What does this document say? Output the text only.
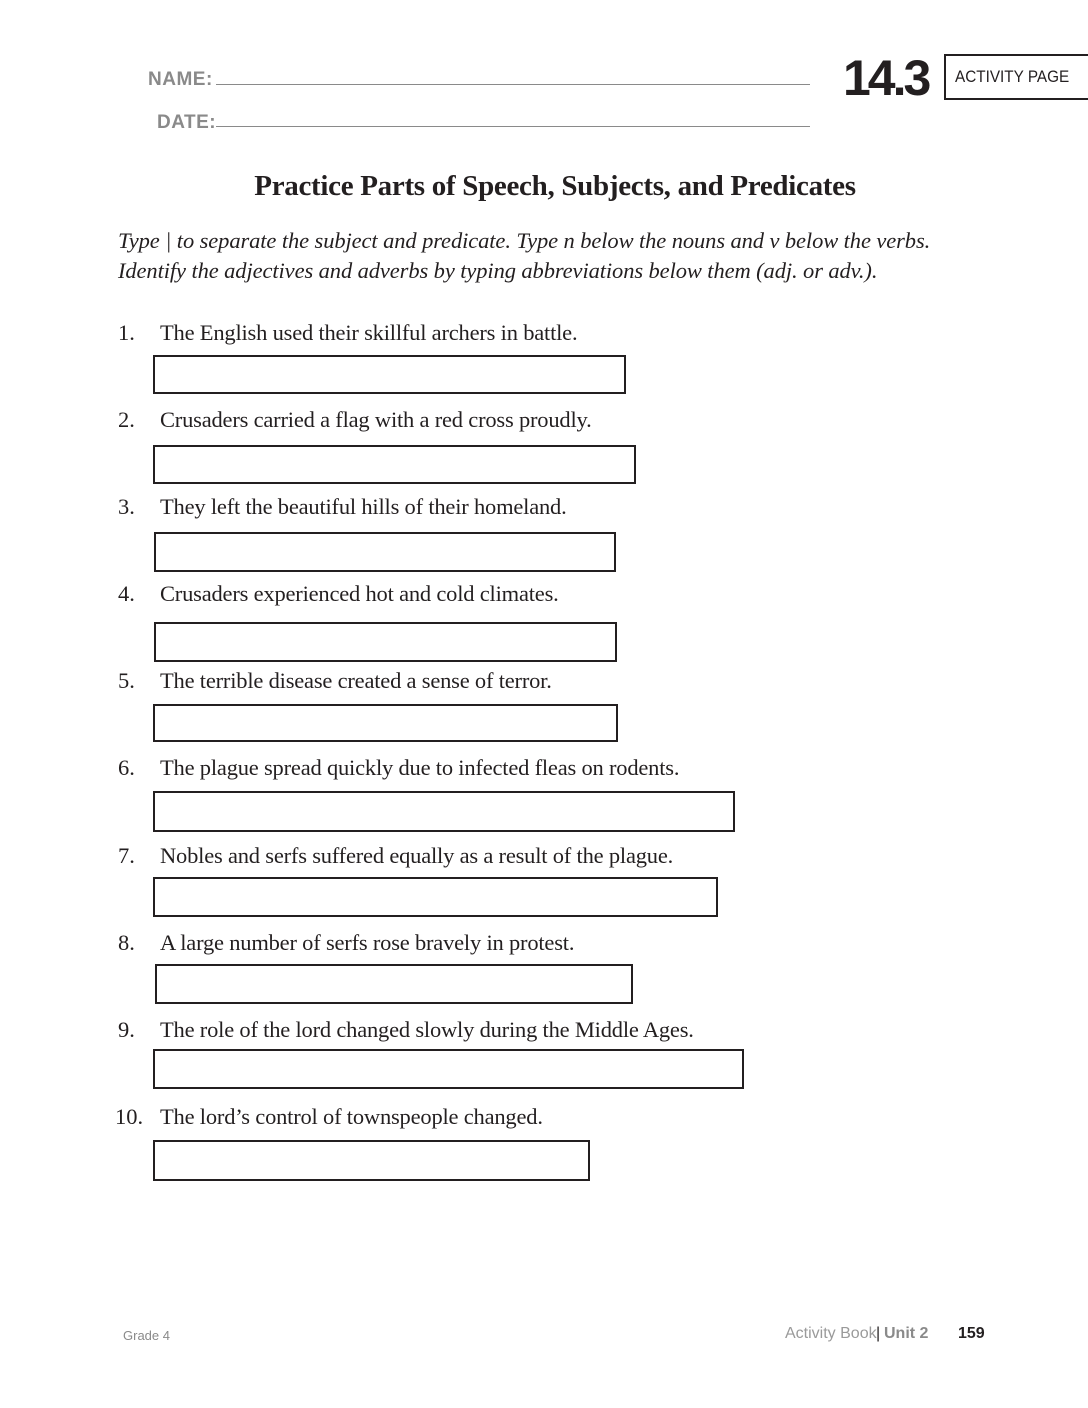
NAME:
DATE:
14.3 ACTIVITY PAGE
Practice Parts of Speech, Subjects, and Predicates
Type | to separate the subject and predicate. Type n below the nouns and v below the verbs.
Identify the adjectives and adverbs by typing abbreviations below them (adj. or adv.).
1. The English used their skillful archers in battle.
2. Crusaders carried a flag with a red cross proudly.
3. They left the beautiful hills of their homeland.
4. Crusaders experienced hot and cold climates.
5. The terrible disease created a sense of terror.
6. The plague spread quickly due to infected fleas on rodents.
7. Nobles and serfs suffered equally as a result of the plague.
8. A large number of serfs rose bravely in protest.
9. The role of the lord changed slowly during the Middle Ages.
10. The lord’s control of townspeople changed.
Grade 4	Activity Book | Unit 2 159
